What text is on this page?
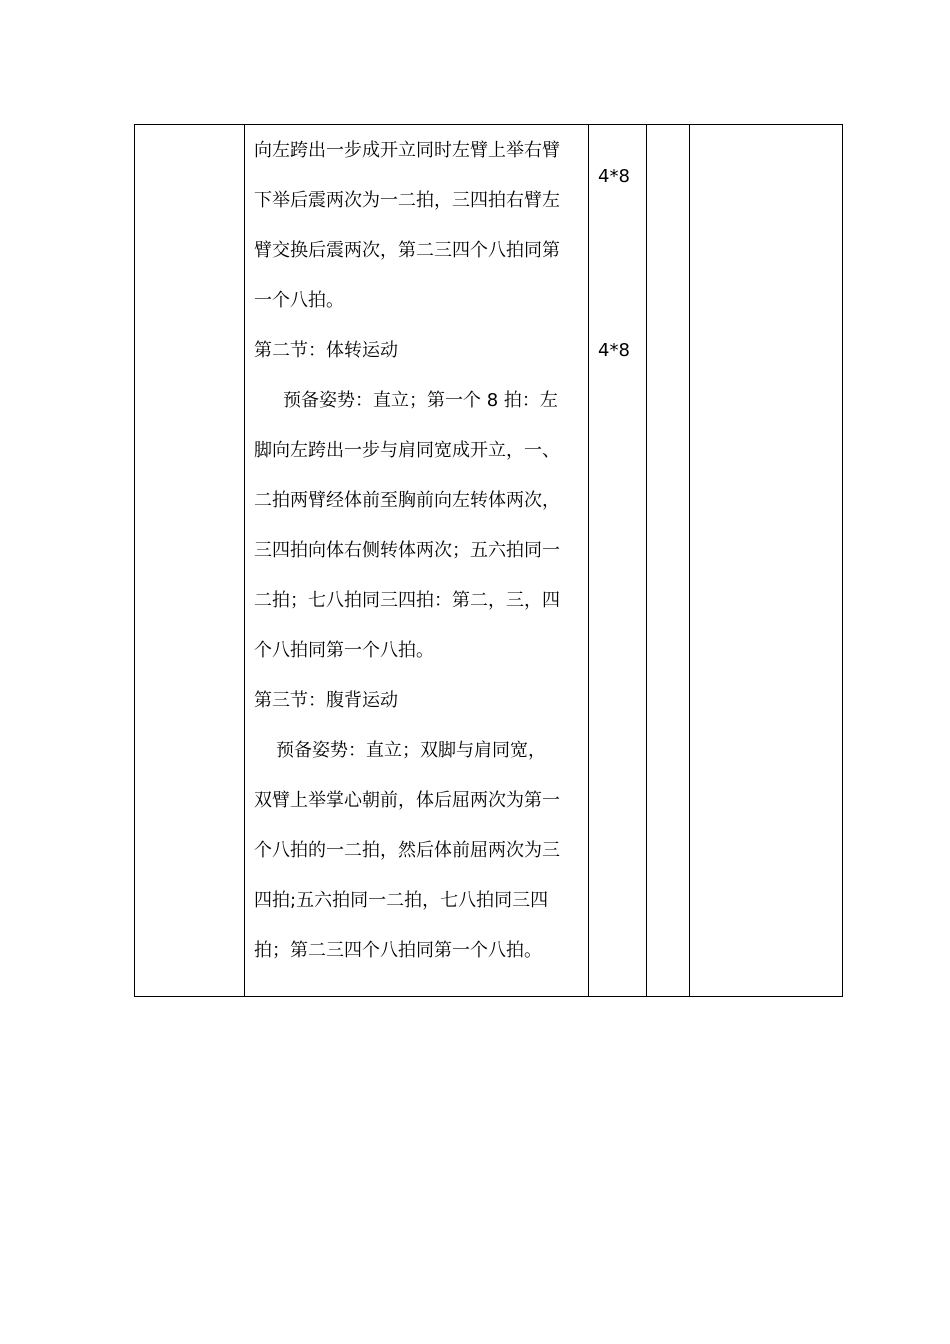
向左跨出一步成开立同时左臂上举右臂
下举后震两次为一二拍，三四拍右臂左
臂交换后震两次，第二三四个八拍同第
一个八拍。
第二节：体转运动
预备姿势：直立；第一个 8 拍：左
脚向左跨出一步与肩同宽成开立，一、
二拍两臂经体前至胸前向左转体两次，
三四拍向体右侧转体两次；五六拍同一
二拍；七八拍同三四拍：第二，三，四
个八拍同第一个八拍。
第三节：腹背运动
预备姿势：直立；双脚与肩同宽，
双臂上举掌心朝前，体后屈两次为第一
个八拍的一二拍，然后体前屈两次为三
四拍;五六拍同一二拍，七八拍同三四
拍；第二三四个八拍同第一个八拍。
4*8
4*8
